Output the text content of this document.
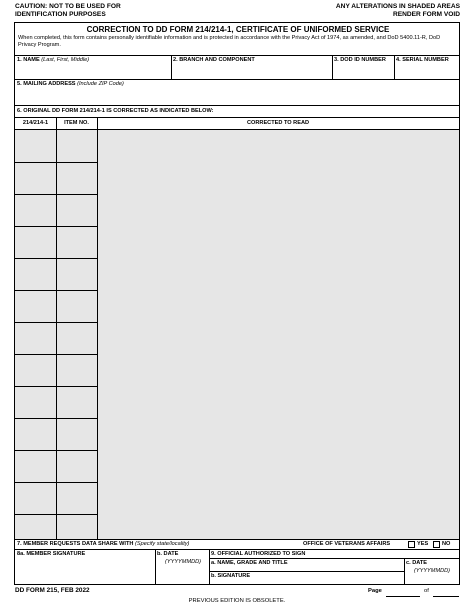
CAUTION: NOT TO BE USED FOR
IDENTIFICATION PURPOSES
ANY ALTERATIONS IN SHADED AREAS
RENDER FORM VOID
CORRECTION TO DD FORM 214/214-1, CERTIFICATE OF UNIFORMED SERVICE
When completed, this form contains personally identifiable information and is protected in accordance with the Privacy Act of 1974, as amended, and DoD 5400.11-R, DoD Privacy Program.
1. NAME (Last, First, Middle)	2. BRANCH AND COMPONENT	3. DOD ID NUMBER 4. SERIAL NUMBER
5. MAILING ADDRESS (Include ZIP Code)
6. ORIGINAL DD FORM 214/214-1 IS CORRECTED AS INDICATED BELOW:
214/214-1	ITEM NO.	CORRECTED TO READ
7. MEMBER REQUESTS DATA SHARE WITH (Specify state/locality)	OFFICE OF VETERANS AFFAIRS	YES NO
8a. MEMBER SIGNATURE	b. DATE
(YYYYMMDD)
9. OFFICIAL AUTHORIZED TO SIGN
a. NAME, GRADE AND TITLE	c. DATE
(YYYYMMDD)
b. SIGNATURE
DD FORM 215, FEB 2022
PREVIOUS EDITION IS OBSOLETE.
Page	of
